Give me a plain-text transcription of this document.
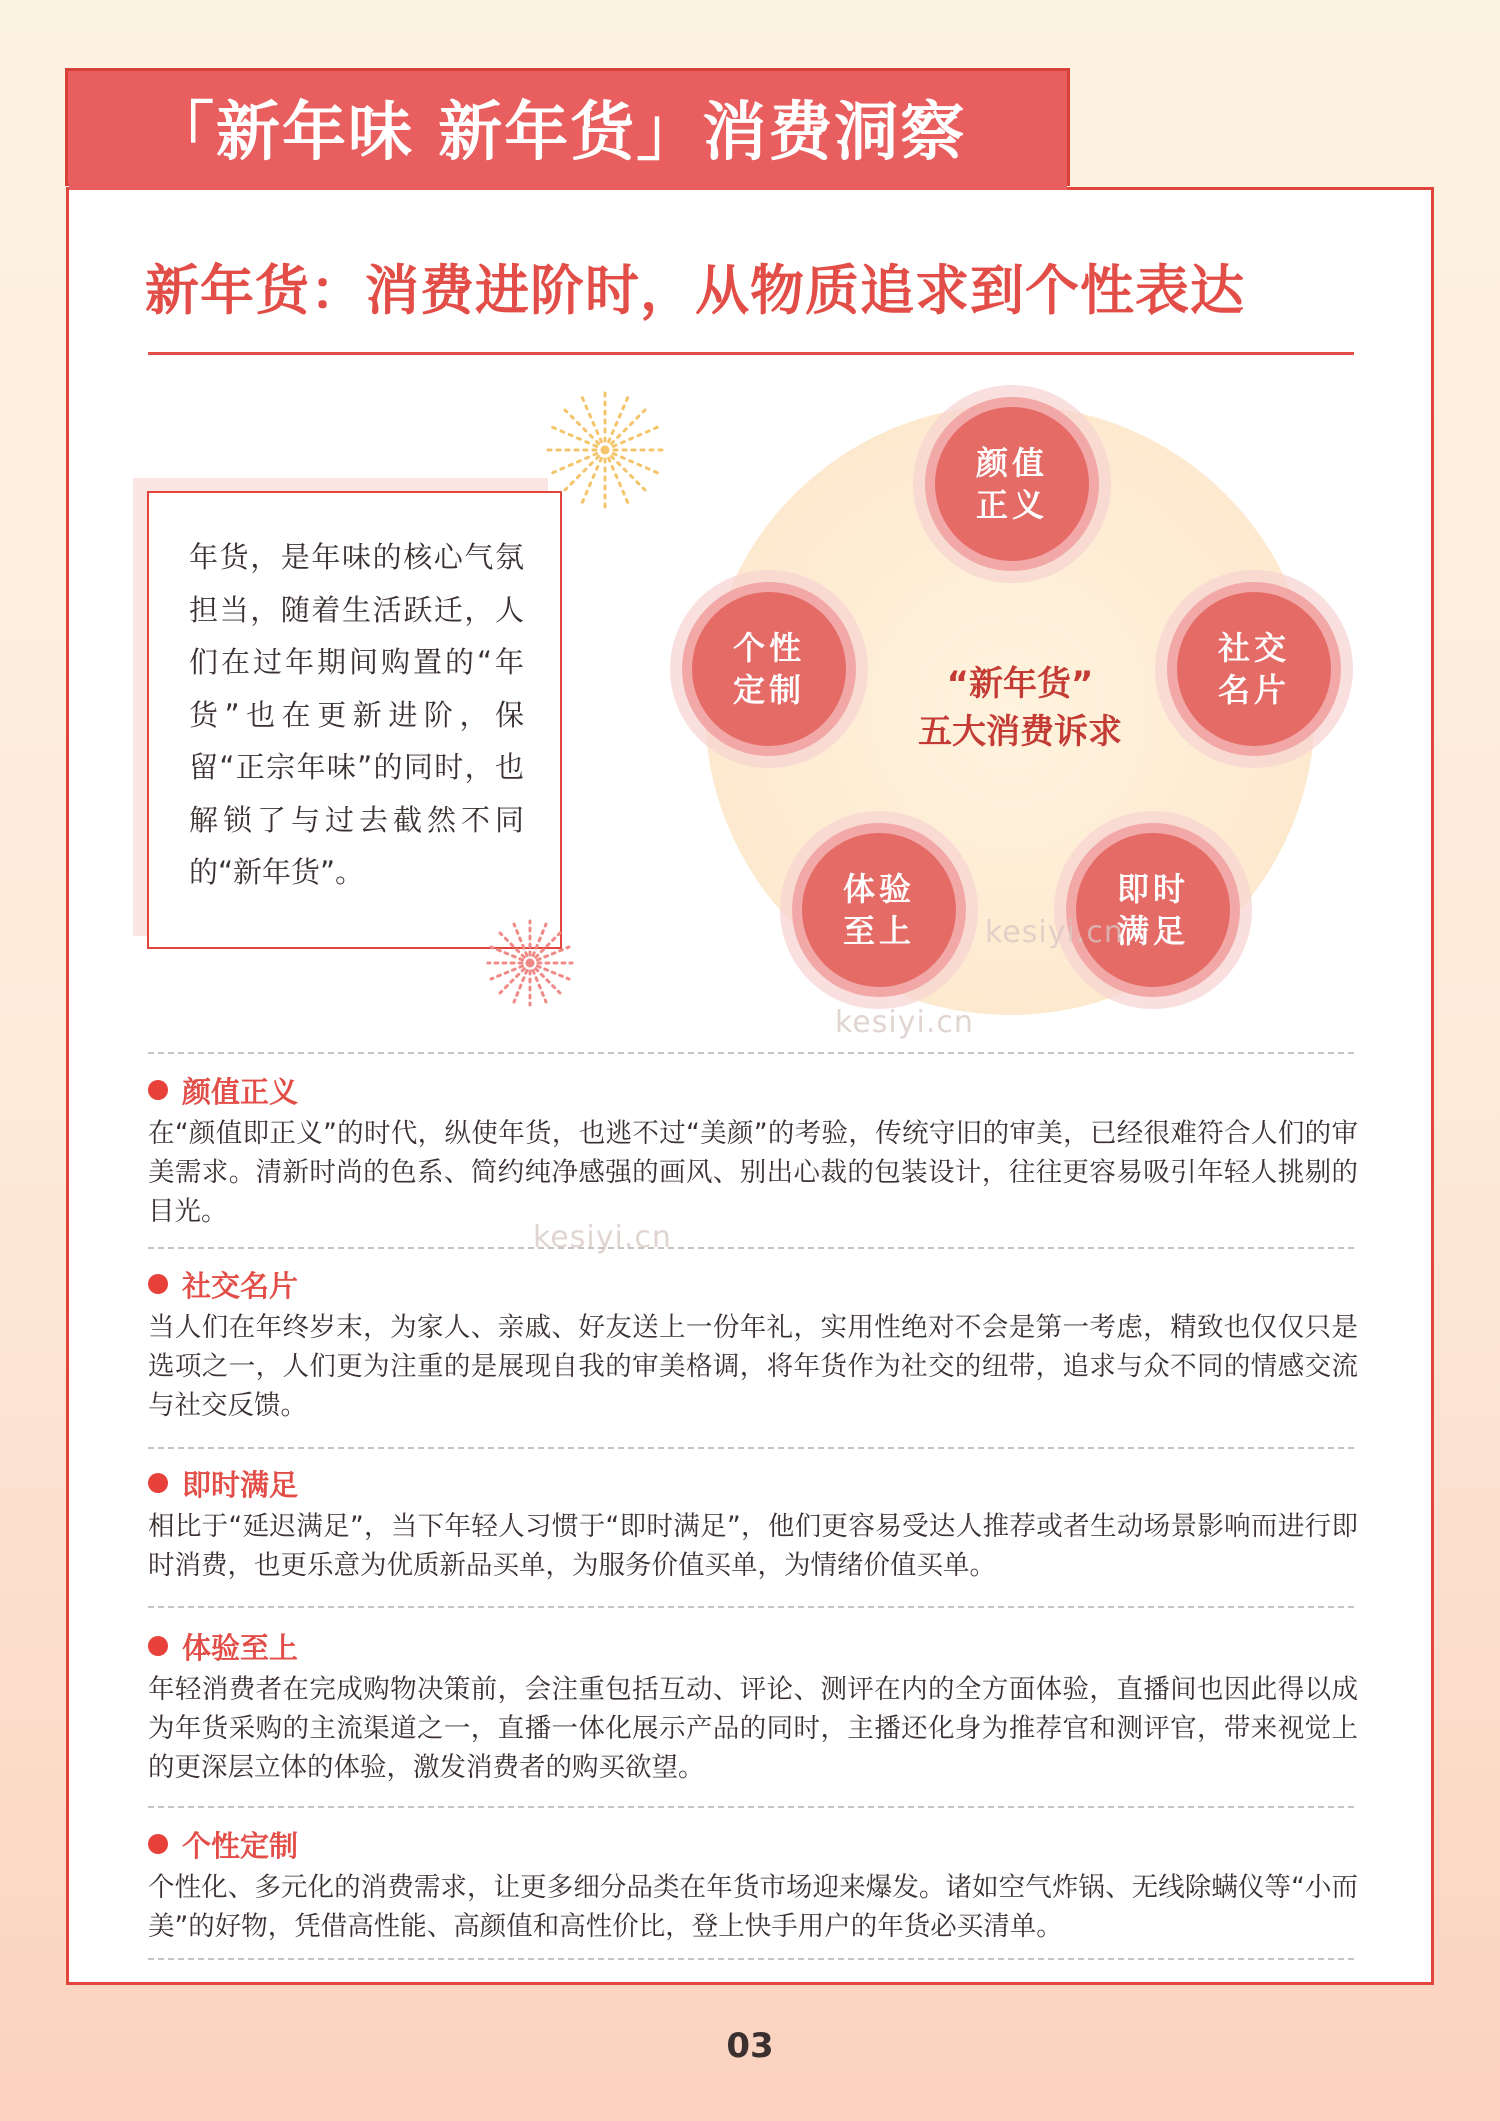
「新年味 新年货」消费洞察
新年货：消费进阶时，从物质追求到个性表达
年货，是年味的核心气氛担当，随着生活跃迁，人们在过年期间购置的“年货”也在更新进阶，保留“正宗年味”的同时，也解锁了与过去截然不同的“新年货”。
颜值正义
社交名片
即时满足
体验至上
个性定制	“新年货”
五大消费诉求
kesiyi.cn
kesiyi.cn
kesiyi.cn
颜值正义
在“颜值即正义”的时代，纵使年货，也逃不过“美颜”的考验，传统守旧的审美，已经很难符合人们的审美需求。清新时尚的色系、简约纯净感强的画风、别出心裁的包装设计，往往更容易吸引年轻人挑剔的目光。
社交名片
当人们在年终岁末，为家人、亲戚、好友送上一份年礼，实用性绝对不会是第一考虑，精致也仅仅只是选项之一，人们更为注重的是展现自我的审美格调，将年货作为社交的纽带，追求与众不同的情感交流与社交反馈。
即时满足
相比于“延迟满足”，当下年轻人习惯于“即时满足”，他们更容易受达人推荐或者生动场景影响而进行即时消费，也更乐意为优质新品买单，为服务价值买单，为情绪价值买单。
体验至上
年轻消费者在完成购物决策前，会注重包括互动、评论、测评在内的全方面体验，直播间也因此得以成为年货采购的主流渠道之一，直播一体化展示产品的同时，主播还化身为推荐官和测评官，带来视觉上的更深层立体的体验，激发消费者的购买欲望。
个性定制
个性化、多元化的消费需求，让更多细分品类在年货市场迎来爆发。诸如空气炸锅、无线除螨仪等“小而美”的好物，凭借高性能、高颜值和高性价比，登上快手用户的年货必买清单。
03
